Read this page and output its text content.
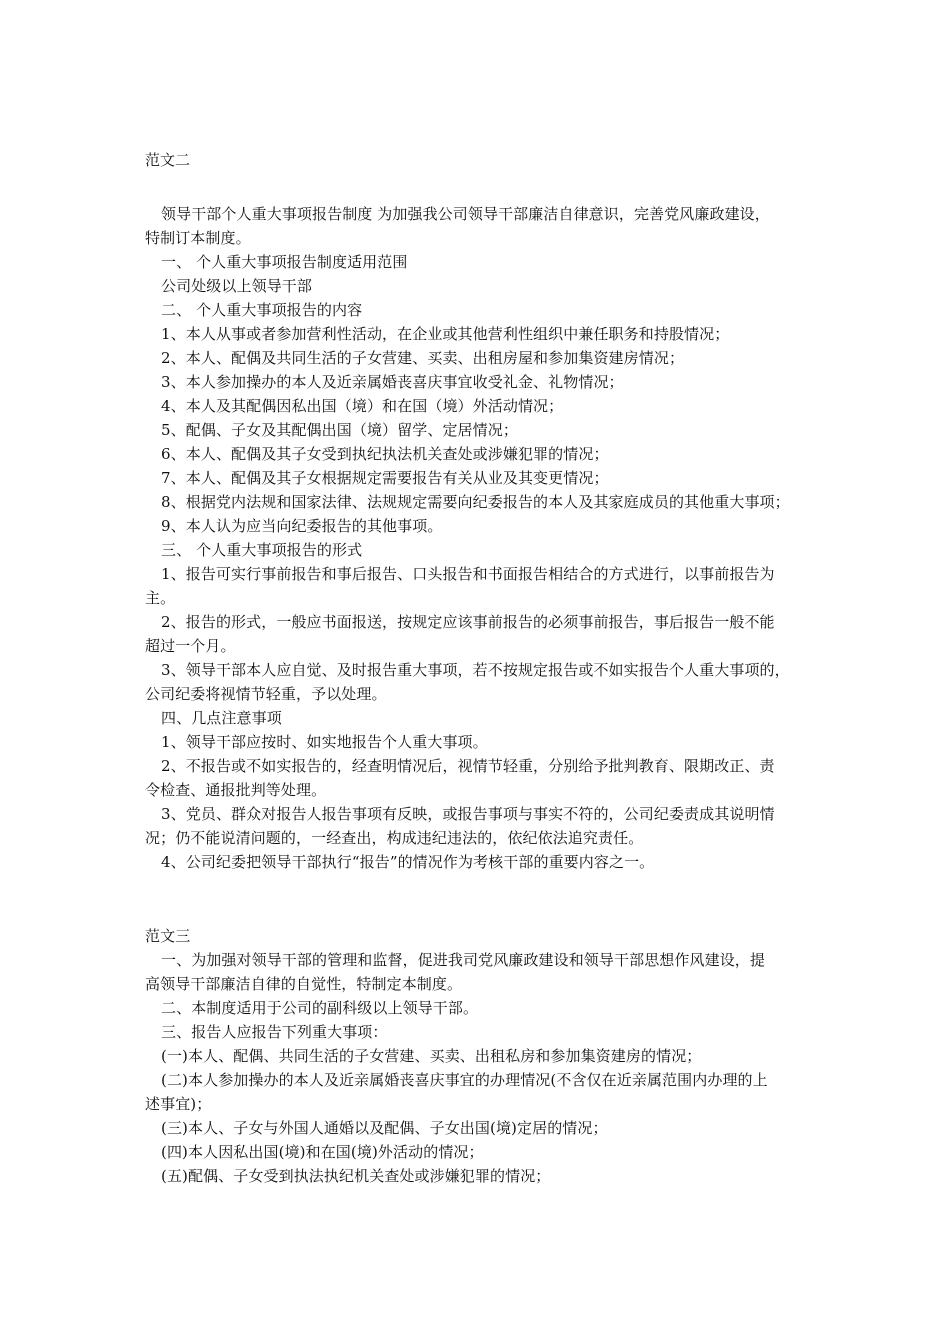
范文二
领导干部个人重大事项报告制度 为加强我公司领导干部廉洁自律意识，完善党风廉政建设，
特制订本制度。
一、 个人重大事项报告制度适用范围
公司处级以上领导干部
二、 个人重大事项报告的内容
1、本人从事或者参加营利性活动，在企业或其他营利性组织中兼任职务和持股情况；
2、本人、配偶及共同生活的子女营建、买卖、出租房屋和参加集资建房情况；
3、本人参加操办的本人及近亲属婚丧喜庆事宜收受礼金、礼物情况；
4、本人及其配偶因私出国（境）和在国（境）外活动情况；
5、配偶、子女及其配偶出国（境）留学、定居情况；
6、本人、配偶及其子女受到执纪执法机关查处或涉嫌犯罪的情况；
7、本人、配偶及其子女根据规定需要报告有关从业及其变更情况；
8、根据党内法规和国家法律、法规规定需要向纪委报告的本人及其家庭成员的其他重大事项；
9、本人认为应当向纪委报告的其他事项。
三、 个人重大事项报告的形式
1、报告可实行事前报告和事后报告、口头报告和书面报告相结合的方式进行，以事前报告为
主。
2、报告的形式，一般应书面报送，按规定应该事前报告的必须事前报告，事后报告一般不能
超过一个月。
3、领导干部本人应自觉、及时报告重大事项，若不按规定报告或不如实报告个人重大事项的，
公司纪委将视情节轻重，予以处理。
四、几点注意事项
1、领导干部应按时、如实地报告个人重大事项。
2、不报告或不如实报告的，经查明情况后，视情节轻重，分别给予批判教育、限期改正、责
令检查、通报批判等处理。
3、党员、群众对报告人报告事项有反映，或报告事项与事实不符的，公司纪委责成其说明情
况；仍不能说清问题的，一经查出，构成违纪违法的，依纪依法追究责任。
4、公司纪委把领导干部执行“报告”的情况作为考核干部的重要内容之一。
范文三
一、为加强对领导干部的管理和监督，促进我司党风廉政建设和领导干部思想作风建设，提
高领导干部廉洁自律的自觉性，特制定本制度。
二、本制度适用于公司的副科级以上领导干部。
三、报告人应报告下列重大事项：
(一)本人、配偶、共同生活的子女营建、买卖、出租私房和参加集资建房的情况；
(二)本人参加操办的本人及近亲属婚丧喜庆事宜的办理情况(不含仅在近亲属范围内办理的上
述事宜)；
(三)本人、子女与外国人通婚以及配偶、子女出国(境)定居的情况；
(四)本人因私出国(境)和在国(境)外活动的情况；
(五)配偶、子女受到执法执纪机关查处或涉嫌犯罪的情况；
